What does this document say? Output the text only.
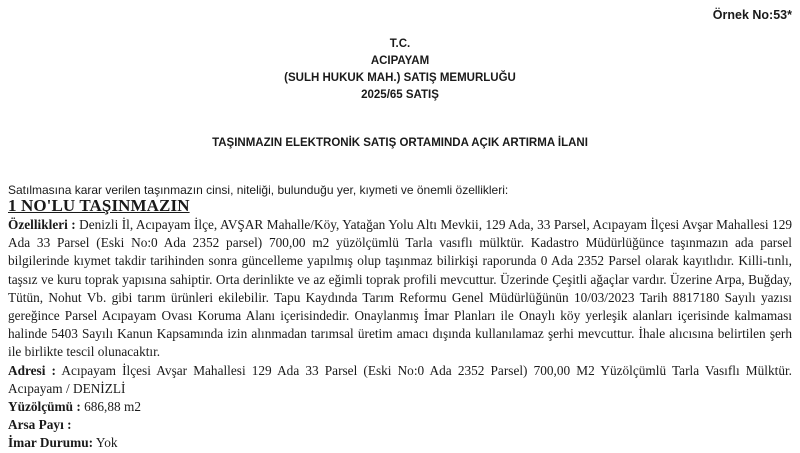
Örnek No:53*
T.C.
ACIPAYAM
(SULH HUKUK MAH.) SATIŞ MEMURLUĞU
2025/65 SATIŞ
TAŞINMAZIN ELEKTRONİK SATIŞ ORTAMINDA AÇIK ARTIRMA İLANI
Satılmasına karar verilen taşınmazın cinsi, niteliği, bulunduğu yer, kıymeti ve önemli özellikleri:
1 NO'LU TAŞINMAZIN

Özellikleri : Denizli İl, Acıpayam İlçe, AVŞAR Mahalle/Köy, Yatağan Yolu Altı Mevkii, 129 Ada, 33 Parsel, Acıpayam İlçesi Avşar Mahallesi 129 Ada 33 Parsel (Eski No:0 Ada 2352 parsel) 700,00 m2 yüzölçümlü Tarla vasıflı mülktür. Kadastro Müdürlüğünce taşınmazın ada parsel bilgilerinde kıymet takdir tarihinden sonra güncelleme yapılmış olup taşınmaz bilirkişi raporunda 0 Ada 2352 Parsel olarak kayıtlıdır. Killi-tınlı, taşsız ve kuru toprak yapısına sahiptir. Orta derinlikte ve az eğimli toprak profili mevcuttur. Üzerinde Çeşitli ağaçlar vardır. Üzerine Arpa, Buğday, Tütün, Nohut Vb. gibi tarım ürünleri ekilebilir. Tapu Kaydında Tarım Reformu Genel Müdürlüğünün 10/03/2023 Tarih 8817180 Sayılı yazısı gereğince Parsel Acıpayam Ovası Koruma Alanı içerisindedir. Onaylanmış İmar Planları ile Onaylı köy yerleşik alanları içerisinde kalmaması halinde 5403 Sayılı Kanun Kapsamında izin alınmadan tarımsal üretim amacı dışında kullanılamaz şerhi mevcuttur. İhale alıcısına belirtilen şerh ile birlikte tescil olunacaktır.

Adresi : Acıpayam İlçesi Avşar Mahallesi 129 Ada 33 Parsel (Eski No:0 Ada 2352 Parsel) 700,00 M2 Yüzölçümlü Tarla Vasıflı Mülktür. Acıpayam / DENİZLİ

Yüzölçümü : 686,88 m2

Arsa Payı :

İmar Durumu: Yok
